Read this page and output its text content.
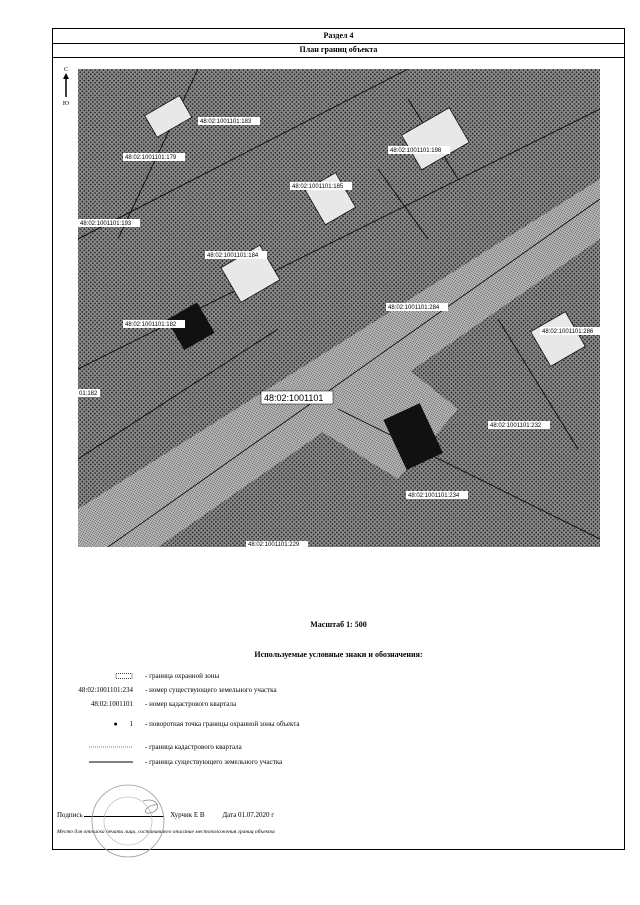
Раздел 4
План границ объекта
С
Ю
48:02:1001101:183
48:02:1001101:179
48:02:1001101:198
48:02:1001101:185
48:02:1001101:193
48:02:1001101:184
48:02:1001101:182
48:02:1001101:286
48:02:1001101:284
48:02:1001101:232
48:02:1001101:234
48:02:1001101:229
01:182	48:02:1001101
Масштаб 1: 500
Используемые условные знаки и обозначения:
- граница охранной зоны
48:02:1001101:234 - номер существующего земельного участка
48:02:1001101 - номер кадастрового квартала
● 1 - поворотная точка границы охранной зоны объекта
- граница кадастрового квартала
- граница существующего земельного участка
Подпись	Хурчик Е В	Дата 01.07.2020 г
Место для оттиска печати лица, составившего описание местоположения границ объекта
